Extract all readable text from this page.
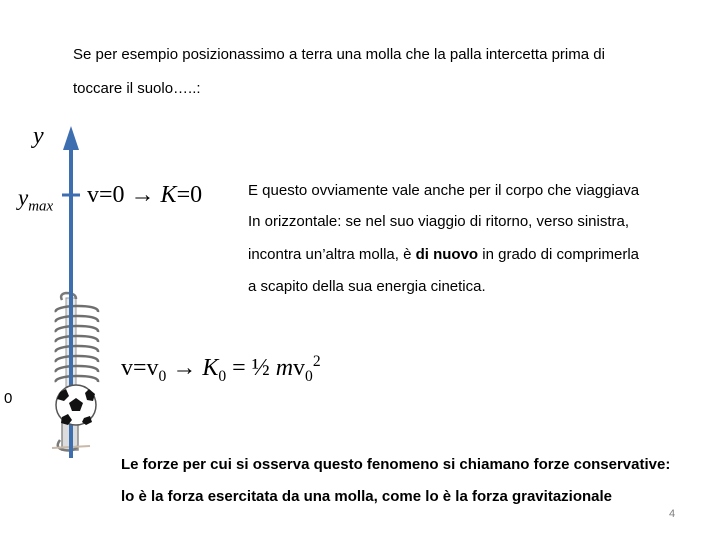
Se per esempio posizionassimo a terra una molla che la palla intercetta prima di
toccare il suolo…..:
y
$y_{max}$
0
v=0 → K=0	E questo ovviamente vale anche per il corpo che viaggiava
In orizzontale: se nel suo viaggio di ritorno, verso sinistra,
incontra un’altra molla, è di nuovo in grado di comprimerla
a scapito della sua energia cinetica.
$v=v_0 \to K_0$ = ½ $mv_0^2$
Le forze per cui si osserva questo fenomeno si chiamano forze conservative:
lo è la forza esercitata da una molla, come lo è la forza gravitazionale
4
